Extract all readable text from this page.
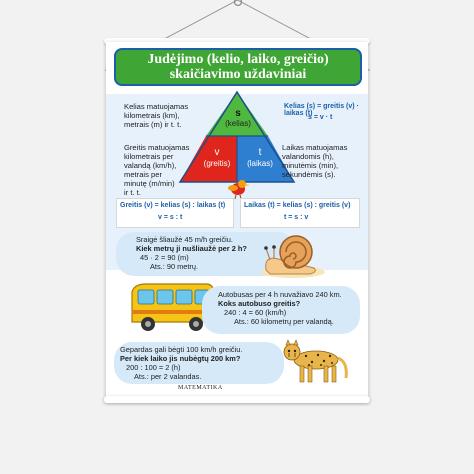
Judėjimo (kelio, laiko, greičio)
skaičiavimo uždaviniai
s
(kelias)
v
(greitis)
t
(laikas)
Kelias matuojamas
kilometrais (km),
metrais (m) ir t. t.
Greitis matuojamas
kilometrais per
valandą (km/h),
metrais per
minutę (m/min)
ir t. t.
Laikas matuojamas
valandomis (h),
minutėmis (min),
sekundėmis (s).
Kelias (s) = greitis (v) · laikas (t)
s = v · t
Greitis (v) = kelias (s) : laikas (t)
v = s : t
Laikas (t) = kelias (s) : greitis (v)
t = s : v
Sraigė šliaužė 45 m/h greičiu.
Kiek metrų ji nušliaužė per 2 h?
45 · 2 = 90 (m)
Ats.: 90 metrų.
Autobusas per 4 h nuvažiavo 240 km.
Koks autobuso greitis?
240 : 4 = 60 (km/h)
Ats.: 60 kilometrų per valandą.
Gepardas gali bėgti 100 km/h greičiu.
Per kiek laiko jis nubėgtų 200 km?
200 : 100 = 2 (h)
Ats.: per 2 valandas.
MATEMATIKA
